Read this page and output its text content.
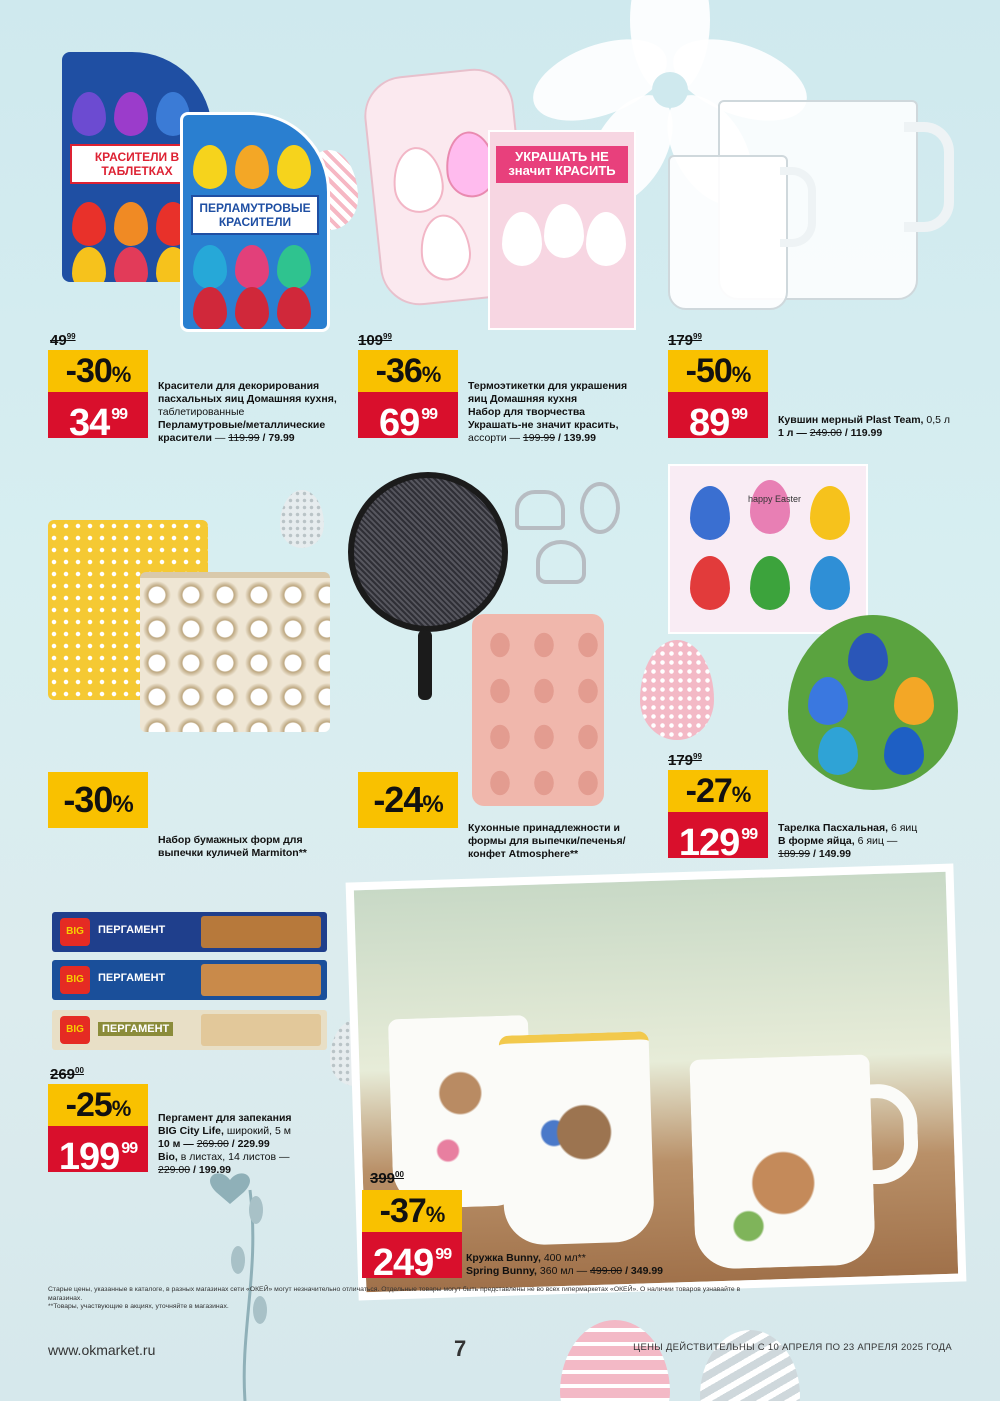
КРАСИТЕЛИ В ТАБЛЕТКАХ
ПЕРЛАМУТРОВЫЕ КРАСИТЕЛИ
$49^{99}$
-30%
34 $^{99}$
Красители для декорирования пасхальных яиц Домашняя кухня,
таблетированные
Перламутровые/металлические красители — 119.99 / 79.99
УКРАШАТЬ НЕ значит КРАСИТЬ
$109^{99}$
-36%
69 $^{99}$
Термоэтикетки для украшения яиц Домашняя кухня
Набор для творчества Украшать-не значит красить,
ассорти — 199.99 / 139.99
$179^{99}$
-50%
89 $^{99}$	Кувшин мерный Plast Team, 0,5 л
1 л — 249.00 / 119.99
-30%
Набор бумажных форм для выпечки куличей Marmiton**
-24%
Кухонные принадлежности и формы для выпечки/печенья/ конфет Atmosphere**
happy Easter
$179^{99}$
-27%
129 $^{99}$	Тарелка Пасхальная, 6 яиц
В форме яйца, 6 яиц —
189.99 / 149.99
BIG	ПЕРГАМЕНТ
BIG	ПЕРГАМЕНТ
BIG	ПЕРГАМЕНТ
$269^{00}$
-25%
199 $^{99}$
Пергамент для запекания
BIG City Life, широкий, 5 м
10 м — 269.00 / 229.99
Bio, в листах, 14 листов —
229.00 / 199.99	$399^{00}$
-37%
249 $^{99}$	Кружка Bunny, 400 мл**
Spring Bunny, 360 мл — 499.00 / 349.99
Старые цены, указанные в каталоге, в разных магазинах сети «ОКЕЙ» могут незначительно отличаться. Отдельные товары могут быть представлены не во всех гипермаркетах «ОКЕЙ». О наличии товаров узнавайте в магазинах.
**Товары, участвующие в акциях, уточняйте в магазинах.
www.okmarket.ru	7	ЦЕНЫ ДЕЙСТВИТЕЛЬНЫ С 10 АПРЕЛЯ ПО 23 АПРЕЛЯ 2025 ГОДА
